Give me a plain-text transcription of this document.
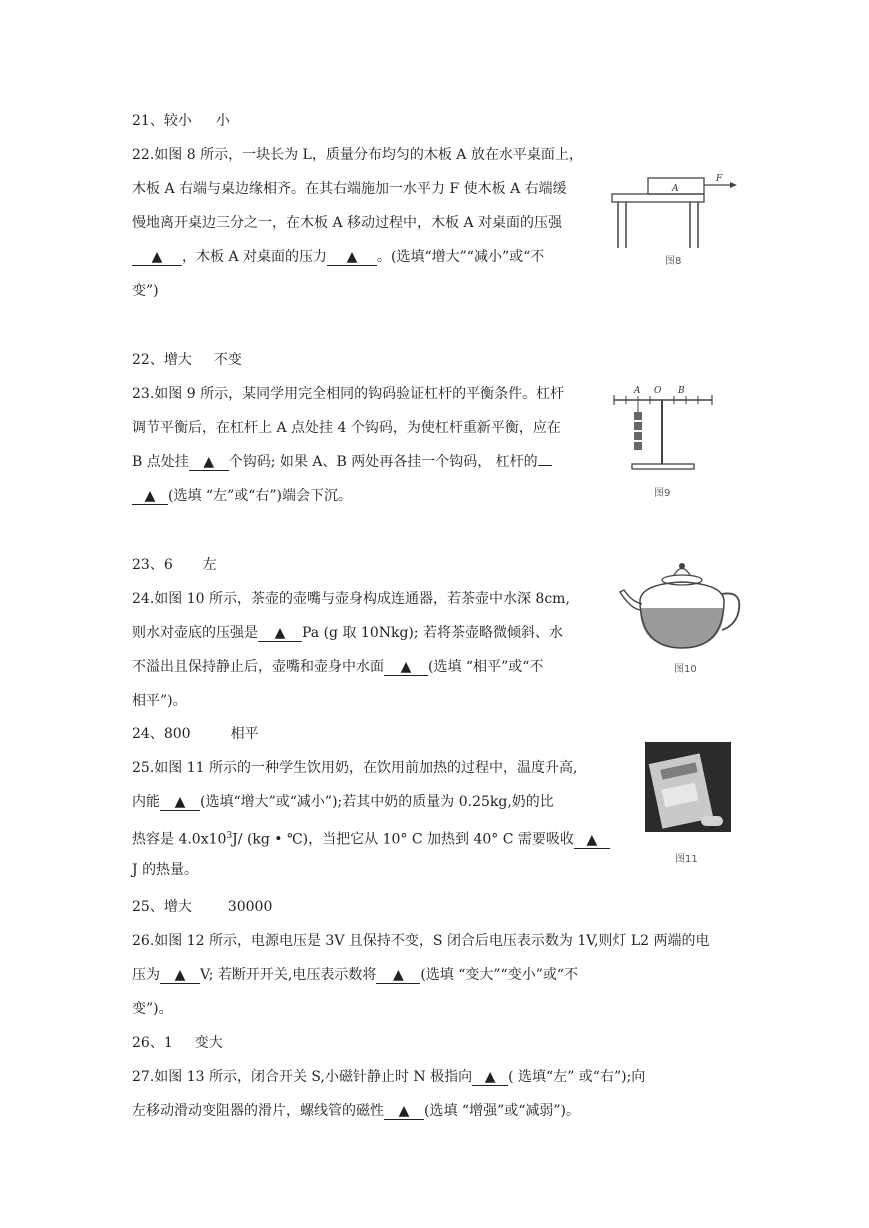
21、较小 小
22.如图 8 所示，一块长为 L，质量分布均匀的木板 A 放在水平桌面上，
木板 A 右端与桌边缘相齐。在其右端施加一水平力 F 使木板 A 右端缓
慢地离开桌边三分之一，在木板 A 移动过程中，木板 A 对桌面的压强
▲ ，木板 A 对桌面的压力 ▲ 。(选填“增大”“减小”或“不
变”)
A
F
图8
22、增大 不变
23.如图 9 所示，某同学用完全相同的钩码验证杠杆的平衡条件。杠杆
调节平衡后，在杠杆上 A 点处挂 4 个钩码，为使杠杆重新平衡，应在
B 点处挂 ▲ 个钩码; 如果 A、B 两处再各挂一个钩码， 杠杆的
▲ (选填 “左”或“右”)端会下沉。
A O B
图9
23、6 左
24.如图 10 所示，茶壶的壶嘴与壶身构成连通器，若茶壶中水深 8cm,
则水对壶底的压强是 ▲ Pa (g 取 10Nkg); 若将茶壶略微倾斜、水
不溢出且保持静止后，壶嘴和壶身中水面 ▲ (选填 “相平”或“不
相平”)。
图10
24、800	相平
25.如图 11 所示的一种学生饮用奶，在饮用前加热的过程中，温度升高,
内能 ▲ (选填“增大”或“减小”);若其中奶的质量为 0.25kg,奶的比
热容是 $4.0x10^3J/$ (kg • ℃)，当把它从 10° C 加热到 40° C 需要吸收 ▲
J 的热量。
图11
25、增大	30000
26.如图 12 所示，电源电压是 3V 且保持不变，S 闭合后电压表示数为 1V,则灯 L2 两端的电
压为 ▲ V; 若断开开关,电压表示数将 ▲ (选填 “变大”“变小”或“不
变”)。
26、1 变大
27.如图 13 所示，闭合开关 S,小磁针静止时 N 极指向 ▲ ( 选填“左” 或“右”);向
左移动滑动变阻器的滑片，螺线管的磁性 ▲ (选填 “增强”或“减弱”)。
